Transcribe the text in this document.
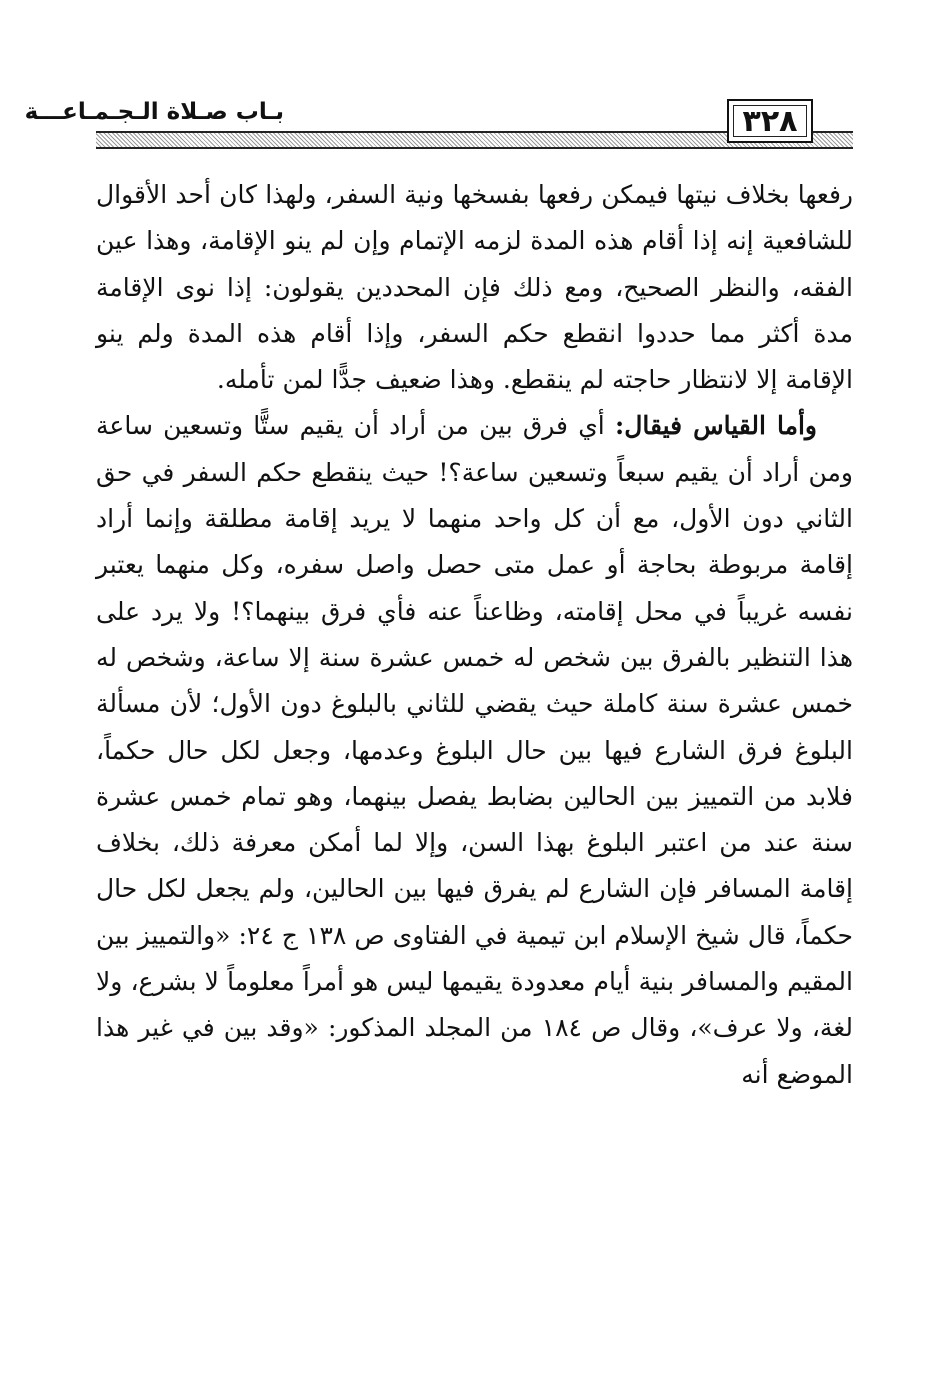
بـاب صـلاة الـجـمـاعـــة	٣٢٨

رفعها بخلاف نيتها فيمكن رفعها بفسخها ونية السفر، ولهذا كان أحد الأقوال للشافعية إنه إذا أقام هذه المدة لزمه الإتمام وإن لم ينو الإقامة، وهذا عين الفقه، والنظر الصحيح، ومع ذلك فإن المحددين يقولون: إذا نوى الإقامة مدة أكثر مما حددوا انقطع حكم السفر، وإذا أقام هذه المدة ولم ينو الإقامة إلا لانتظار حاجته لم ينقطع. وهذا ضعيف جدًّا لمن تأمله.

وأما القياس فيقال: أي فرق بين من أراد أن يقيم ستًّا وتسعين ساعة ومن أراد أن يقيم سبعاً وتسعين ساعة؟! حيث ينقطع حكم السفر في حق الثاني دون الأول، مع أن كل واحد منهما لا يريد إقامة مطلقة وإنما أراد إقامة مربوطة بحاجة أو عمل متى حصل واصل سفره، وكل منهما يعتبر نفسه غريباً في محل إقامته، وظاعناً عنه فأي فرق بينهما؟! ولا يرد على هذا التنظير بالفرق بين شخص له خمس عشرة سنة إلا ساعة، وشخص له خمس عشرة سنة كاملة حيث يقضي للثاني بالبلوغ دون الأول؛ لأن مسألة البلوغ فرق الشارع فيها بين حال البلوغ وعدمها، وجعل لكل حال حكماً، فلابد من التمييز بين الحالين بضابط يفصل بينهما، وهو تمام خمس عشرة سنة عند من اعتبر البلوغ بهذا السن، وإلا لما أمكن معرفة ذلك، بخلاف إقامة المسافر فإن الشارع لم يفرق فيها بين الحالين، ولم يجعل لكل حال حكماً، قال شيخ الإسلام ابن تيمية في الفتاوى ص ١٣٨ ج ٢٤: «والتمييز بين المقيم والمسافر بنية أيام معدودة يقيمها ليس هو أمراً معلوماً لا بشرع، ولا لغة، ولا عرف»، وقال ص ١٨٤ من المجلد المذكور: «وقد بين في غير هذا الموضع أنه
